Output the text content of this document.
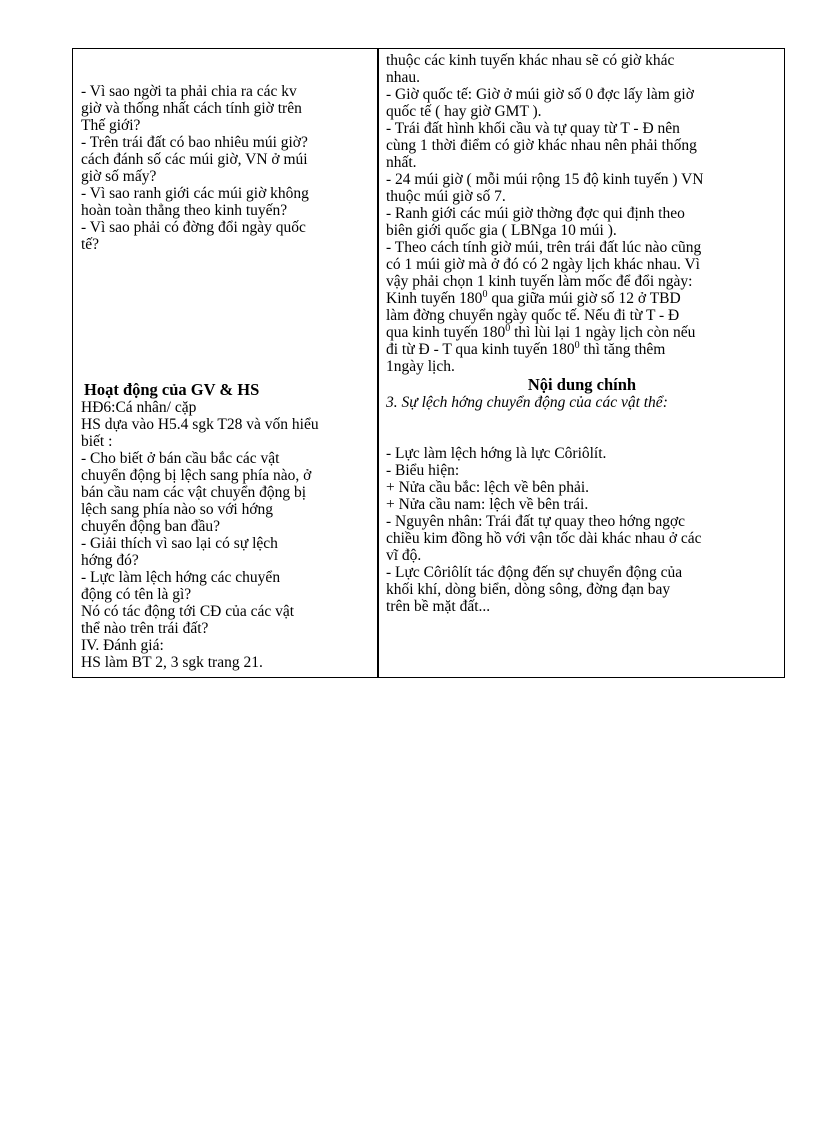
- Vì sao ngời ta phải chia ra các kv
giờ và thống nhất cách tính giờ trên
Thế giới?
- Trên trái đất có bao nhiêu múi giờ?
cách đánh số các múi giờ, VN ở múi
giờ số mấy?
- Vì sao ranh giới các múi giờ không
hoàn toàn thẳng theo kinh tuyến?
- Vì sao phải có đờng đổi ngày quốc
tế?
Hoạt động của GV & HS
HĐ6:Cá nhân/ cặp
HS dựa vào H5.4 sgk T28 và vốn hiểu
biết :
- Cho biết ở bán cầu bắc các vật
chuyển động bị lệch sang phía nào, ở
bán cầu nam các vật chuyển động bị
lệch sang phía nào so với hớng
chuyển động ban đầu?
- Giải thích vì sao lại có sự lệch
hớng đó?
- Lực làm lệch hớng các chuyển
động có tên là gì?
Nó có tác động tới CĐ của các vật
thể nào trên trái đất?
IV. Đánh giá:
HS làm BT 2, 3 sgk trang 21.
thuộc các kinh tuyến khác nhau sẽ có giờ khác
nhau.
- Giờ quốc tế: Giờ ở múi giờ số 0 đợc lấy làm giờ
quốc tế ( hay giờ GMT ).
- Trái đất hình khối cầu và tự quay từ T - Đ nên
cùng 1 thời điểm có giờ khác nhau nên phải thống
nhất.
- 24 múi giờ ( mỗi múi rộng 15 độ kinh tuyến ) VN
thuộc múi giờ số 7.
- Ranh giới các múi giờ thờng đợc qui định theo
biên giới quốc gia ( LBNga 10 múi ).
- Theo cách tính giờ múi, trên trái đất lúc nào cũng
có 1 múi giờ mà ở đó có 2 ngày lịch khác nhau. Vì
vậy phải chọn 1 kinh tuyến làm mốc để đổi ngày:
Kinh tuyến $180^0$ qua giữa múi giờ số 12 ở TBD
làm đờng chuyển ngày quốc tế. Nếu đi từ T - Đ
qua kinh tuyến $180^0$ thì lùi lại 1 ngày lịch còn nếu
đi từ Đ - T qua kinh tuyến $180^0$ thì tăng thêm
1ngày lịch.
Nội dung chính
3. Sự lệch hớng chuyển động của các vật thể:
- Lực làm lệch hớng là lực Côriôlít.
- Biểu hiện:
+ Nửa cầu bắc: lệch về bên phải.
+ Nửa cầu nam: lệch về bên trái.
- Nguyên nhân: Trái đất tự quay theo hớng ngợc
chiều kim đồng hồ với vận tốc dài khác nhau ở các
vĩ độ.
- Lực Côriôlít tác động đến sự chuyển động của
khối khí, dòng biển, dòng sông, đờng đạn bay
trên bề mặt đất...
